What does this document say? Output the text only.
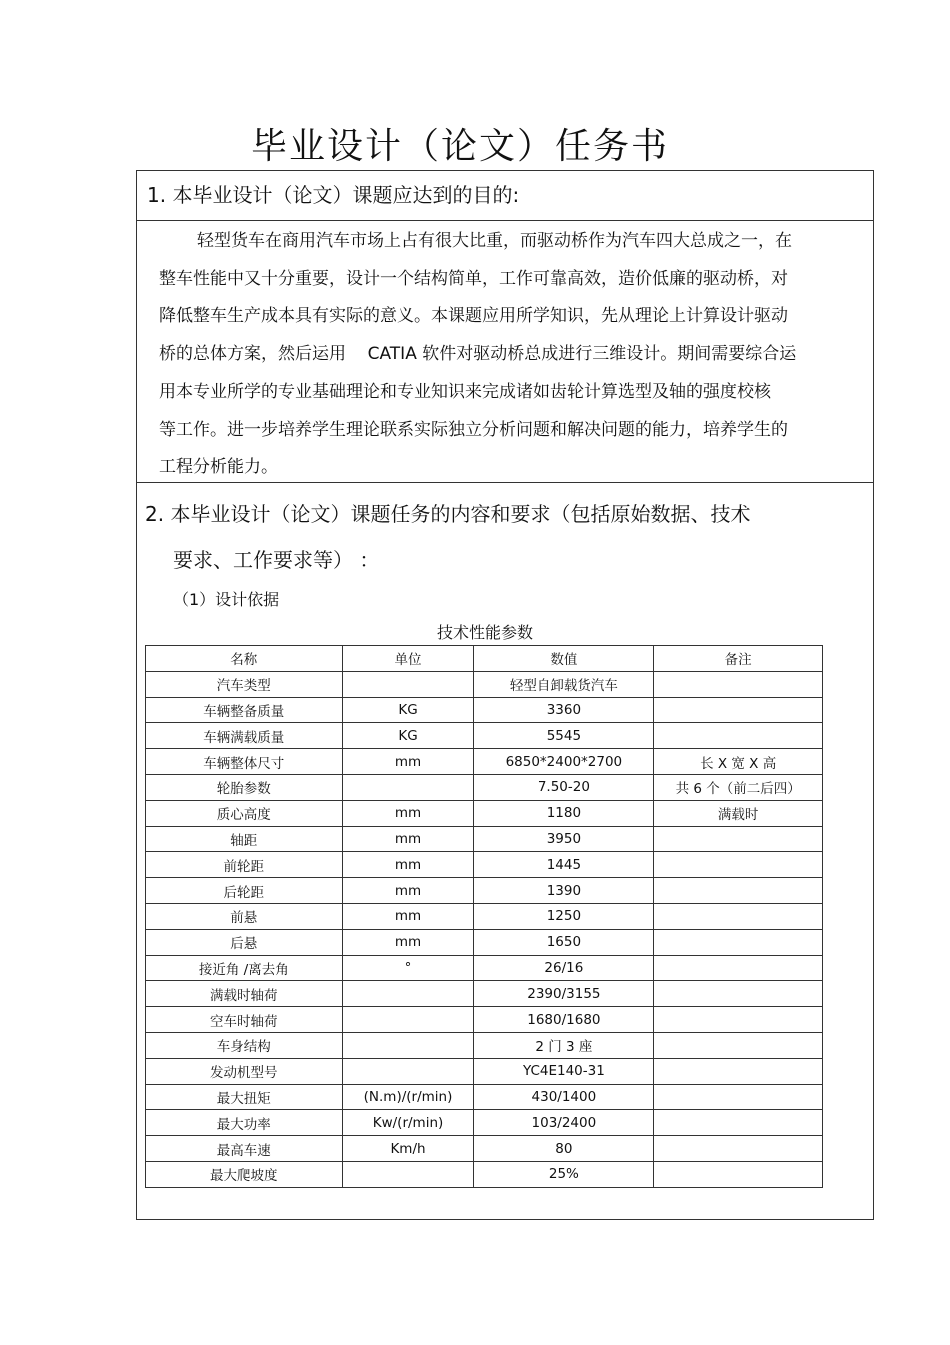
毕业设计（论文）任务书
1. 本毕业设计（论文）课题应达到的目的:
轻型货车在商用汽车市场上占有很大比重，而驱动桥作为汽车四大总成之一，在
整车性能中又十分重要，设计一个结构简单，工作可靠高效，造价低廉的驱动桥，对
降低整车生产成本具有实际的意义。本课题应用所学知识，先从理论上计算设计驱动
桥的总体方案，然后运用    CATIA 软件对驱动桥总成进行三维设计。期间需要综合运
用本专业所学的专业基础理论和专业知识来完成诸如齿轮计算选型及轴的强度校核
等工作。进一步培养学生理论联系实际独立分析问题和解决问题的能力，培养学生的
工程分析能力。
2. 本毕业设计（论文）课题任务的内容和要求（包括原始数据、技术
要求、工作要求等） ：
（1）设计依据
技术性能参数
名称	单位	数值	备注
汽车类型		轻型自卸载货汽车	
车辆整备质量	KG	3360	
车辆满载质量	KG	5545	
车辆整体尺寸	mm	6850*2400*2700	长 X 宽 X 高
轮胎参数		7.50-20	共 6 个（前二后四）
质心高度	mm	1180	满载时
轴距	mm	3950	
前轮距	mm	1445	
后轮距	mm	1390	
前悬	mm	1250	
后悬	mm	1650	
接近角 /离去角	°	26/16	
满载时轴荷		2390/3155	
空车时轴荷		1680/1680	
车身结构		2 门 3 座	
发动机型号		YC4E140-31	
最大扭矩	(N.m)/(r/min)	430/1400	
最大功率	Kw/(r/min)	103/2400	
最高车速	Km/h	80	
最大爬坡度		25%	
